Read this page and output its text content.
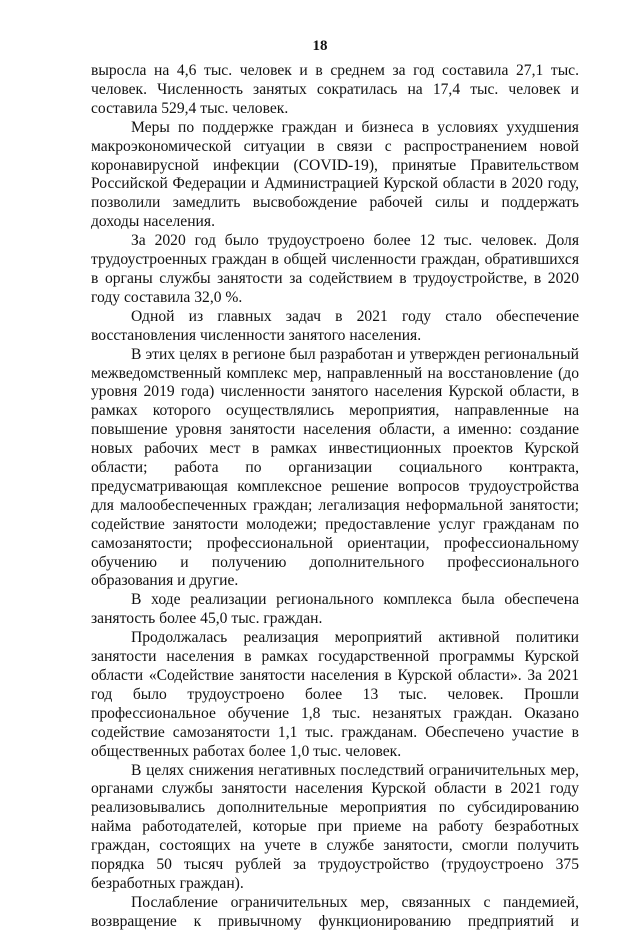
18

выросла на 4,6 тыс. человек и в среднем за год составила 27,1 тыс. человек. Численность занятых сократилась на 17,4 тыс. человек и составила 529,4 тыс. человек.

Меры по поддержке граждан и бизнеса в условиях ухудшения макроэкономической ситуации в связи с распространением новой коронавирусной инфекции (COVID-19), принятые Правительством Российской Федерации и Администрацией Курской области в 2020 году, позволили замедлить высвобождение рабочей силы и поддержать доходы населения.

За 2020 год было трудоустроено более 12 тыс. человек. Доля трудоустроенных граждан в общей численности граждан, обратившихся в органы службы занятости за содействием в трудоустройстве, в 2020 году составила 32,0 %.

Одной из главных задач в 2021 году стало обеспечение восстановления численности занятого населения.

В этих целях в регионе был разработан и утвержден региональный межведомственный комплекс мер, направленный на восстановление (до уровня 2019 года) численности занятого населения Курской области, в рамках которого осуществлялись мероприятия, направленные на повышение уровня занятости населения области, а именно: создание новых рабочих мест в рамках инвестиционных проектов Курской области; работа по организации социального контракта, предусматривающая комплексное решение вопросов трудоустройства для малообеспеченных граждан; легализация неформальной занятости; содействие занятости молодежи; предоставление услуг гражданам по самозанятости; профессиональной ориентации, профессиональному обучению и получению дополнительного профессионального образования и другие.

В ходе реализации регионального комплекса была обеспечена занятость более 45,0 тыс. граждан.

Продолжалась реализация мероприятий активной политики занятости населения в рамках государственной программы Курской области «Содействие занятости населения в Курской области». За 2021 год было трудоустроено более 13 тыс. человек. Прошли профессиональное обучение 1,8 тыс. незанятых граждан. Оказано содействие самозанятости 1,1 тыс. гражданам. Обеспечено участие в общественных работах более 1,0 тыс. человек.

В целях снижения негативных последствий ограничительных мер, органами службы занятости населения Курской области в 2021 году реализовывались дополнительные мероприятия по субсидированию найма работодателей, которые при приеме на работу безработных граждан, состоящих на учете в службе занятости, смогли получить порядка 50 тысяч рублей за трудоустройство (трудоустроено 375 безработных граждан).

Послабление ограничительных мер, связанных с пандемией, возвращение к привычному функционированию предприятий и
